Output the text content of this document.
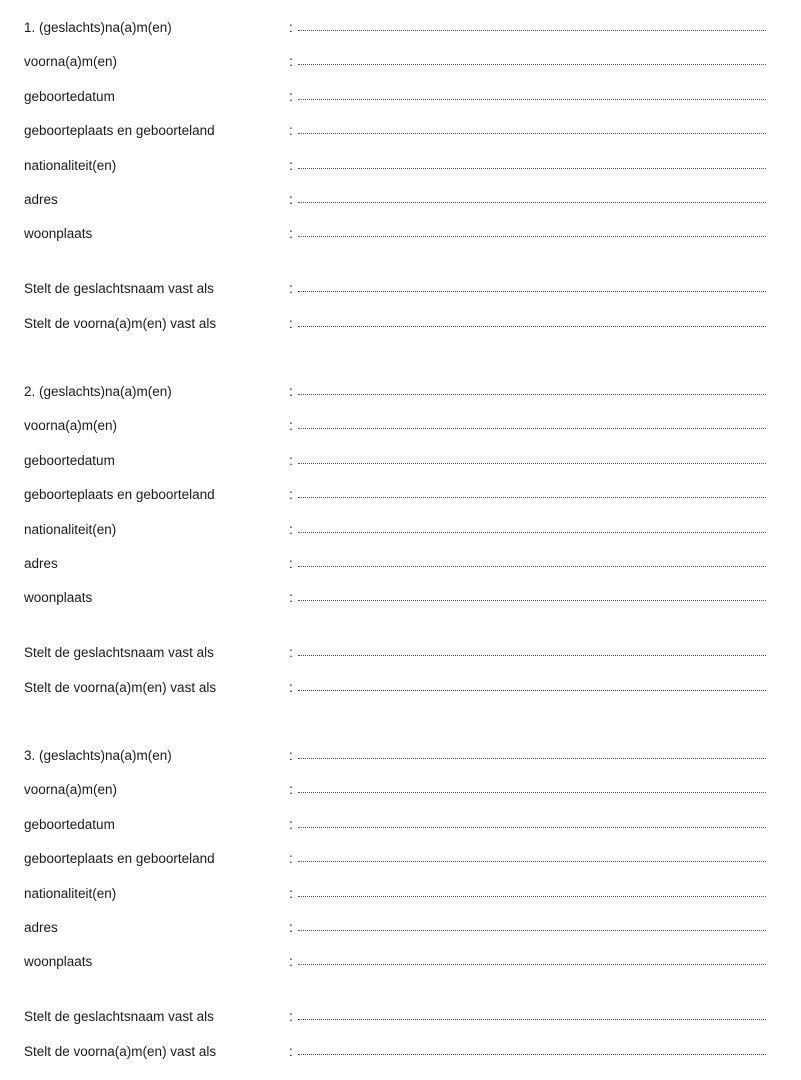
1. (geslachts)na(a)m(en)	:
voorna(a)m(en)	:
geboortedatum	:
geboorteplaats en geboorteland	:
nationaliteit(en)	:
adres	:
woonplaats	:
Stelt de geslachtsnaam vast als	:
Stelt de voorna(a)m(en) vast als	:
2. (geslachts)na(a)m(en)	:
voorna(a)m(en)	:
geboortedatum	:
geboorteplaats en geboorteland	:
nationaliteit(en)	:
adres	:
woonplaats	:
Stelt de geslachtsnaam vast als	:
Stelt de voorna(a)m(en) vast als	:
3. (geslachts)na(a)m(en)	:
voorna(a)m(en)	:
geboortedatum	:
geboorteplaats en geboorteland	:
nationaliteit(en)	:
adres	:
woonplaats	:
Stelt de geslachtsnaam vast als	:
Stelt de voorna(a)m(en) vast als	:
